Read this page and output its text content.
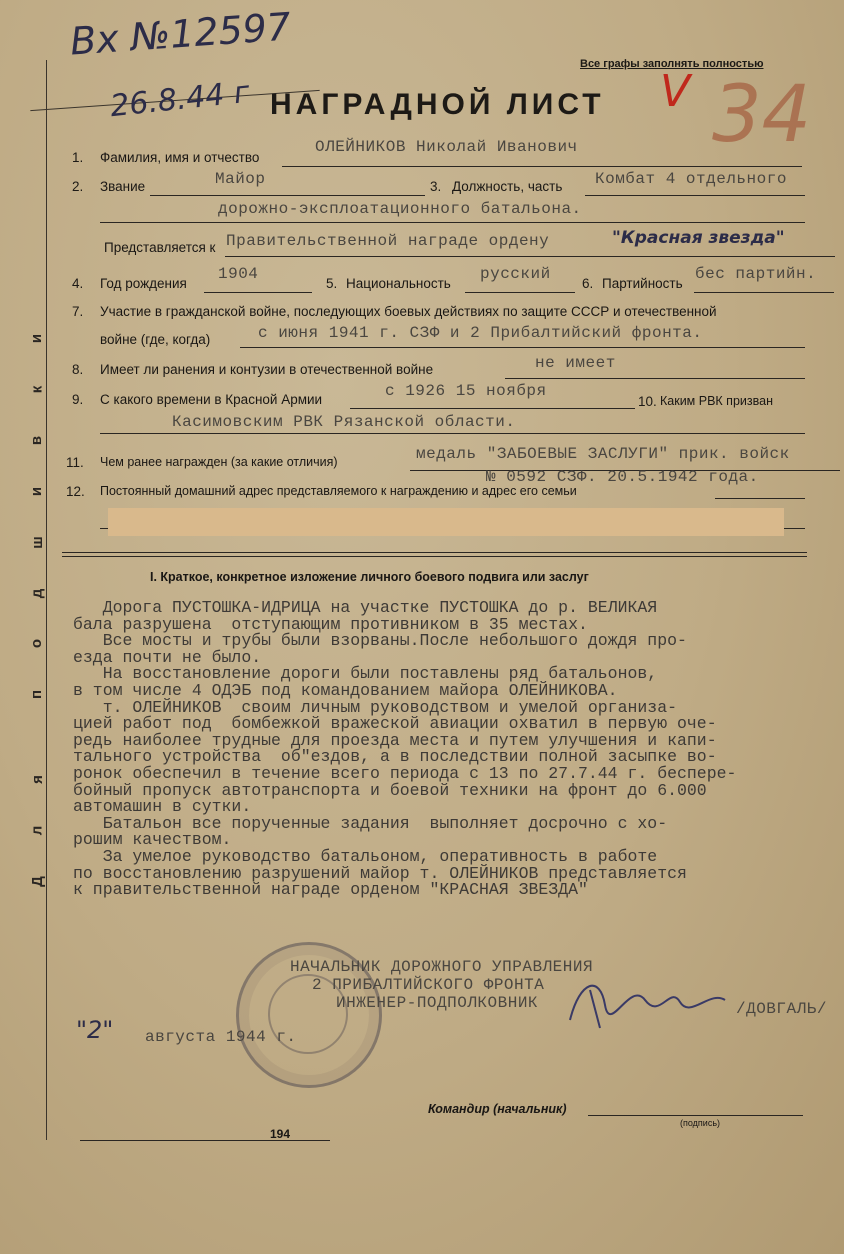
Д
л
я
п
о
д
ш
и
в
к
и
Вх №12597
26.8.44 г
Все графы заполнять полностью
НАГРАДНОЙ ЛИСТ V 34
1. Фамилия, имя и отчество
ОЛЕЙНИКОВ Николай Иванович
2. Звание	Майор	3. Должность, часть Комбат 4 отдельного
дорожно-эксплоатационного батальона.
Представляется к Правительственной награде ордену	"Красная звезда"
4. Год рождения
1904
5. Национальность
русский
6. Партийность
бес партийн.
7. Участие в гражданской войне, последующих боевых действиях по защите СССР и отечественной
войне (где, когда)	с июня 1941 г. СЗФ и 2 Прибалтийский фронта.
8. Имеет ли ранения и контузии в отечественной войне	не имеет
9. С какого времени в Красной Армии	с 1926 15 ноября
10. Каким РВК призван
Касимовским РВК Рязанской области.
11. Чем ранее награжден (за какие отличия)	медаль "ЗАБОЕВЫЕ ЗАСЛУГИ" прик. войск
№ 0592 СЗФ. 20.5.1942 года.
12. Постоянный домашний адрес представляемого к награждению и адрес его семьи
I. Краткое, конкретное изложение личного боевого подвига или заслуг
Дорога ПУСТОШКА-ИДРИЦА на участке ПУСТОШКА до р. ВЕЛИКАЯ
бала разрушена  отступающим противником в 35 местах.
Все мосты и трубы были взорваны.После небольшого дождя про-
езда почти не было.
На восстановление дороги были поставлены ряд батальонов,
в том числе 4 ОДЭБ под командованием майора ОЛЕЙНИКОВА.
т. ОЛЕЙНИКОВ  своим личным руководством и умелой организа-
цией работ под  бомбежкой вражеской авиации охватил в первую оче-
редь наиболее трудные для проезда места и путем улучшения и капи-
тального устройства  об"ездов, а в последствии полной засыпке во-
ронок обеспечил в течение всего периода с 13 по 27.7.44 г. беспере-
бойный пропуск автотранспорта и боевой техники на фронт до 6.000
автомашин в сутки.
Батальон все порученные задания  выполняет досрочно с хо-
рошим качеством.
За умелое руководство батальоном, оперативность в работе
по восстановлению разрушений майор т. ОЛЕЙНИКОВ представляется
к правительственной награде орденом "КРАСНАЯ ЗВЕЗДА"
НАЧАЛЬНИК ДОРОЖНОГО УПРАВЛЕНИЯ
2 ПРИБАЛТИЙСКОГО ФРОНТА
ИНЖЕНЕР-ПОДПОЛКОВНИК	/ДОВГАЛЬ/
"2" августа 1944 г.
Командир (начальник)
(подпись)
194
